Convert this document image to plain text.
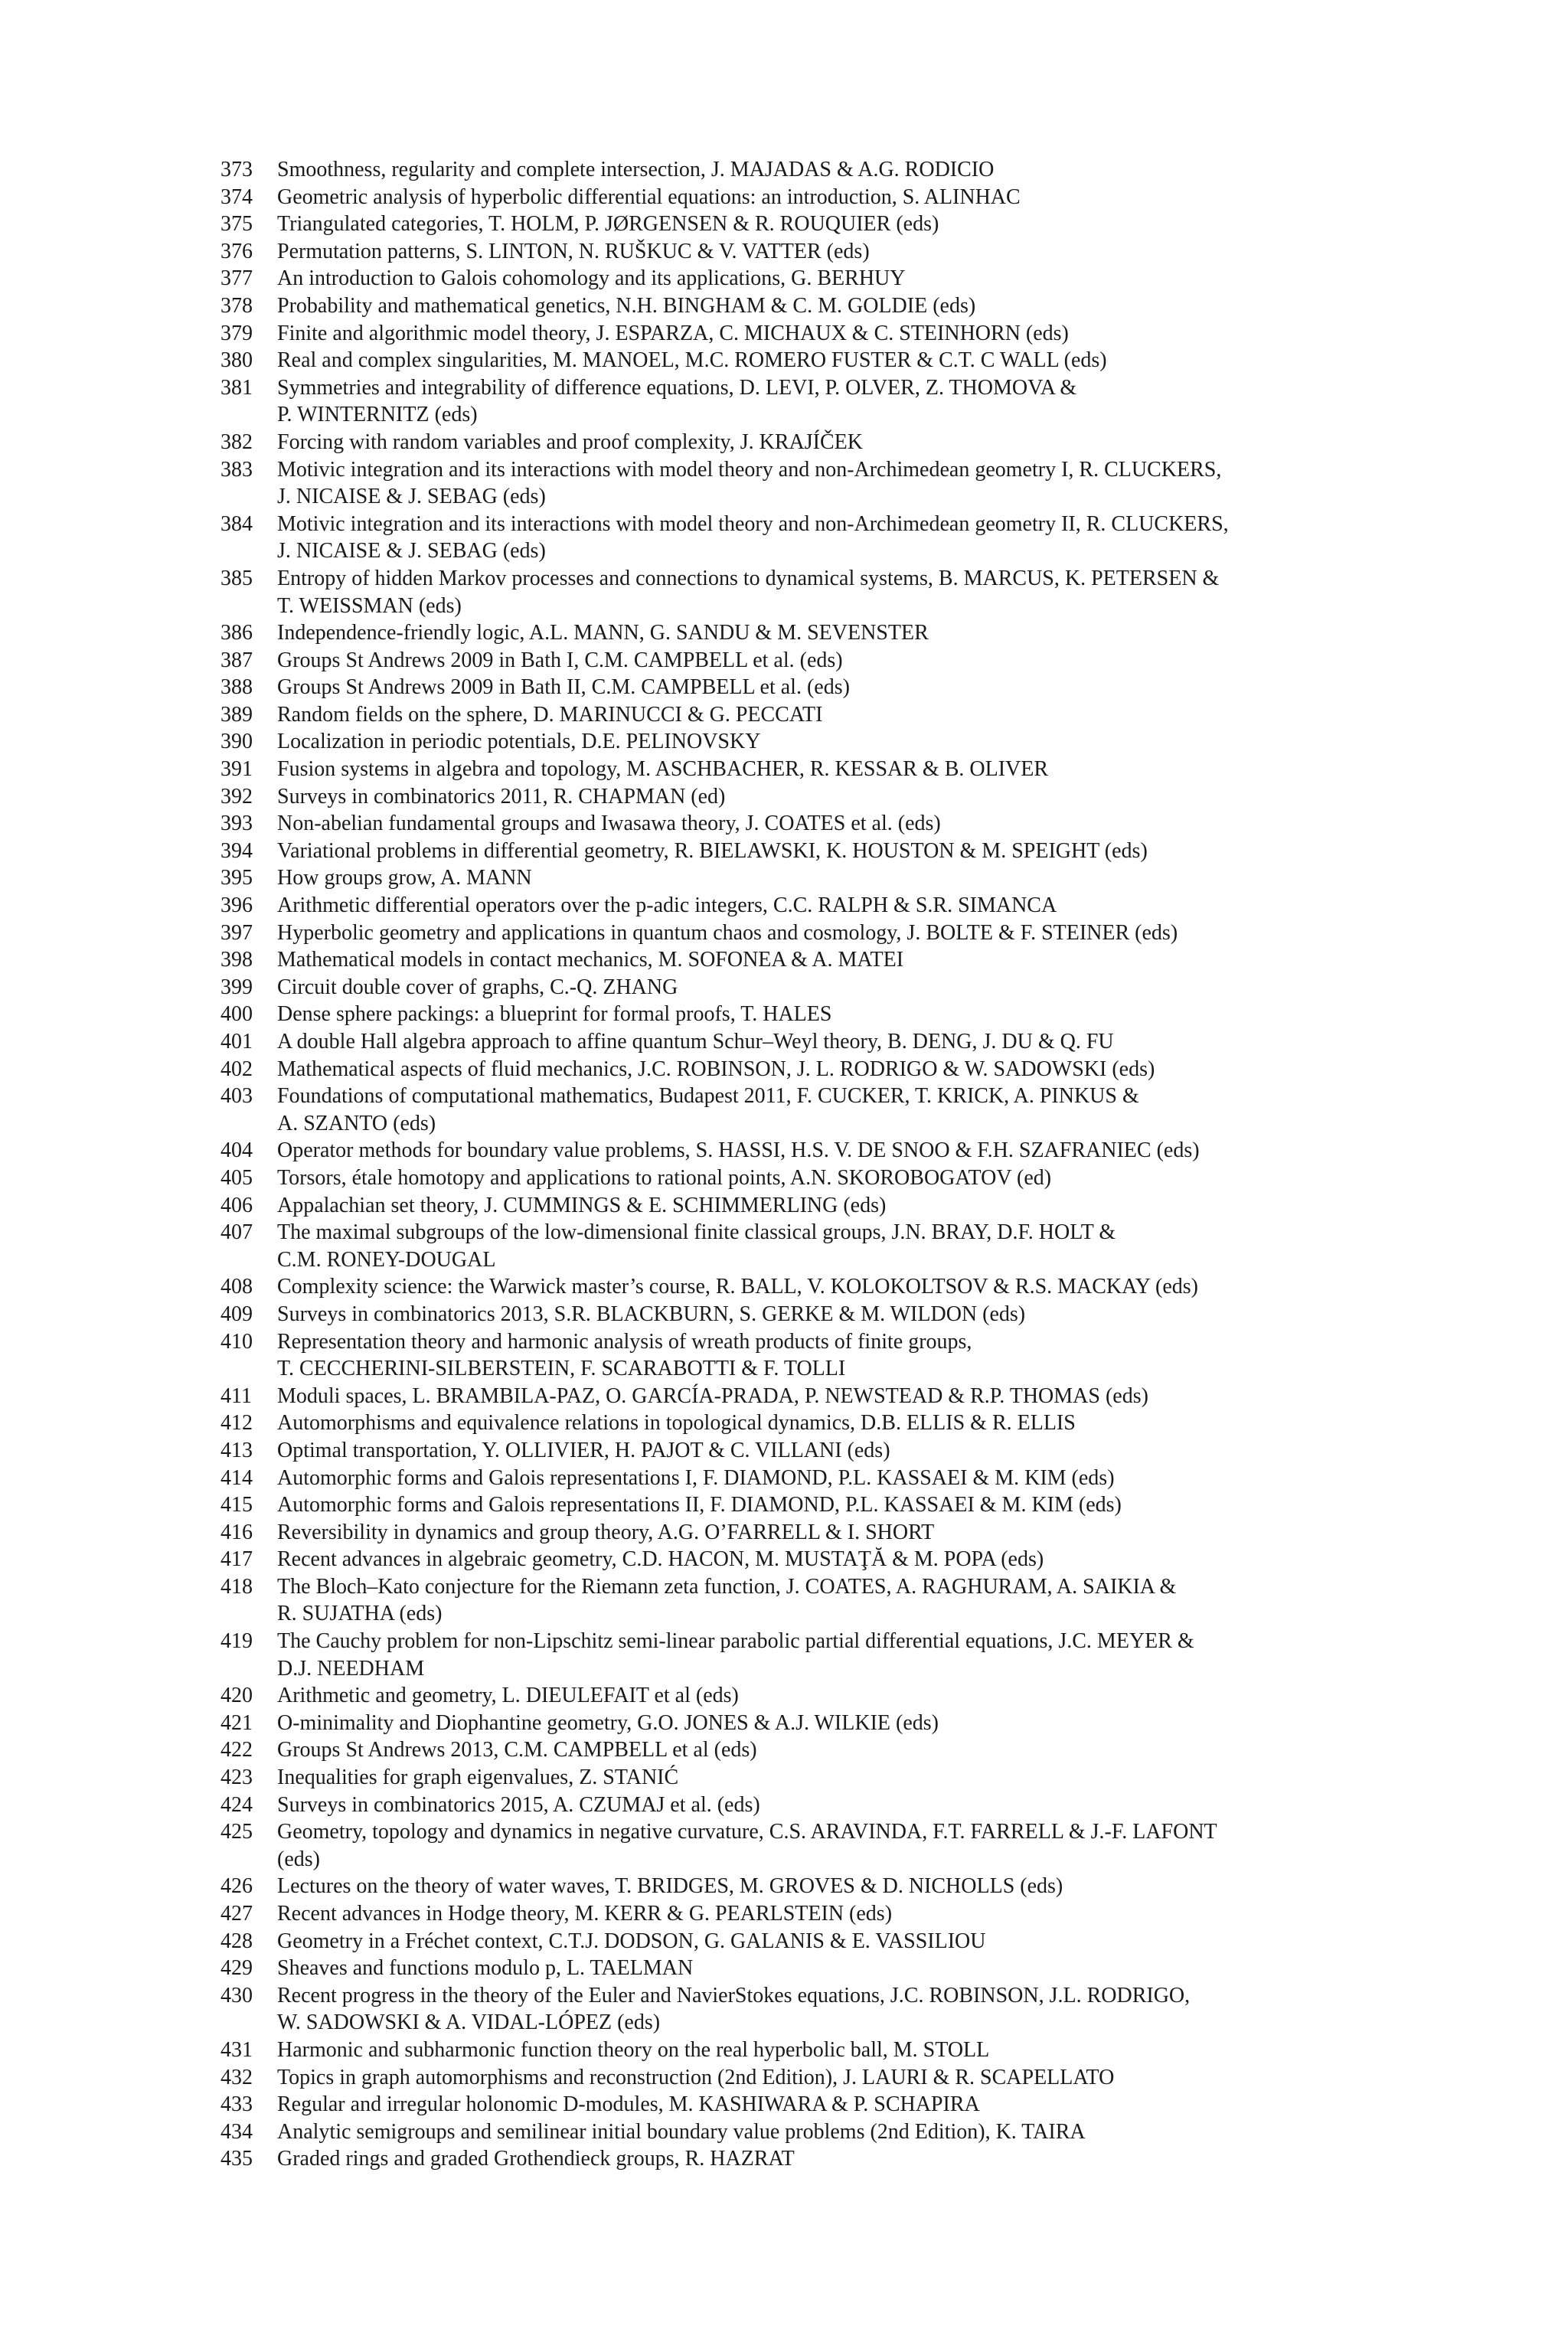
373	Smoothness, regularity and complete intersection, J. MAJADAS & A.G. RODICIO
374	Geometric analysis of hyperbolic differential equations: an introduction, S. ALINHAC
375	Triangulated categories, T. HOLM, P. JØRGENSEN & R. ROUQUIER (eds)
376	Permutation patterns, S. LINTON, N. RUŠKUC & V. VATTER (eds)
377	An introduction to Galois cohomology and its applications, G. BERHUY
378	Probability and mathematical genetics, N.H. BINGHAM & C. M. GOLDIE (eds)
379	Finite and algorithmic model theory, J. ESPARZA, C. MICHAUX & C. STEINHORN (eds)
380	Real and complex singularities, M. MANOEL, M.C. ROMERO FUSTER & C.T. C WALL (eds)
381	Symmetries and integrability of difference equations, D. LEVI, P. OLVER, Z. THOMOVA &
P. WINTERNITZ (eds)
382	Forcing with random variables and proof complexity, J. KRAJÍČEK
383	Motivic integration and its interactions with model theory and non-Archimedean geometry I, R. CLUCKERS,
J. NICAISE & J. SEBAG (eds)
384	Motivic integration and its interactions with model theory and non-Archimedean geometry II, R. CLUCKERS,
J. NICAISE & J. SEBAG (eds)
385	Entropy of hidden Markov processes and connections to dynamical systems, B. MARCUS, K. PETERSEN &
T. WEISSMAN (eds)
386	Independence-friendly logic, A.L. MANN, G. SANDU & M. SEVENSTER
387	Groups St Andrews 2009 in Bath I, C.M. CAMPBELL et al. (eds)
388	Groups St Andrews 2009 in Bath II, C.M. CAMPBELL et al. (eds)
389	Random fields on the sphere, D. MARINUCCI & G. PECCATI
390	Localization in periodic potentials, D.E. PELINOVSKY
391	Fusion systems in algebra and topology, M. ASCHBACHER, R. KESSAR & B. OLIVER
392	Surveys in combinatorics 2011, R. CHAPMAN (ed)
393	Non-abelian fundamental groups and Iwasawa theory, J. COATES et al. (eds)
394	Variational problems in differential geometry, R. BIELAWSKI, K. HOUSTON & M. SPEIGHT (eds)
395	How groups grow, A. MANN
396	Arithmetic differential operators over the p-adic integers, C.C. RALPH & S.R. SIMANCA
397	Hyperbolic geometry and applications in quantum chaos and cosmology, J. BOLTE & F. STEINER (eds)
398	Mathematical models in contact mechanics, M. SOFONEA & A. MATEI
399	Circuit double cover of graphs, C.-Q. ZHANG
400	Dense sphere packings: a blueprint for formal proofs, T. HALES
401	A double Hall algebra approach to affine quantum Schur–Weyl theory, B. DENG, J. DU & Q. FU
402	Mathematical aspects of fluid mechanics, J.C. ROBINSON, J. L. RODRIGO & W. SADOWSKI (eds)
403	Foundations of computational mathematics, Budapest 2011, F. CUCKER, T. KRICK, A. PINKUS &
A. SZANTO (eds)
404	Operator methods for boundary value problems, S. HASSI, H.S. V. DE SNOO & F.H. SZAFRANIEC (eds)
405	Torsors, étale homotopy and applications to rational points, A.N. SKOROBOGATOV (ed)
406	Appalachian set theory, J. CUMMINGS & E. SCHIMMERLING (eds)
407	The maximal subgroups of the low-dimensional finite classical groups, J.N. BRAY, D.F. HOLT &
C.M. RONEY-DOUGAL
408	Complexity science: the Warwick master’s course, R. BALL, V. KOLOKOLTSOV & R.S. MACKAY (eds)
409	Surveys in combinatorics 2013, S.R. BLACKBURN, S. GERKE & M. WILDON (eds)
410	Representation theory and harmonic analysis of wreath products of finite groups,
T. CECCHERINI-SILBERSTEIN, F. SCARABOTTI & F. TOLLI
411	Moduli spaces, L. BRAMBILA-PAZ, O. GARCÍA-PRADA, P. NEWSTEAD & R.P. THOMAS (eds)
412	Automorphisms and equivalence relations in topological dynamics, D.B. ELLIS & R. ELLIS
413	Optimal transportation, Y. OLLIVIER, H. PAJOT & C. VILLANI (eds)
414	Automorphic forms and Galois representations I, F. DIAMOND, P.L. KASSAEI & M. KIM (eds)
415	Automorphic forms and Galois representations II, F. DIAMOND, P.L. KASSAEI & M. KIM (eds)
416	Reversibility in dynamics and group theory, A.G. O’FARRELL & I. SHORT
417	Recent advances in algebraic geometry, C.D. HACON, M. MUSTAŢĂ & M. POPA (eds)
418	The Bloch–Kato conjecture for the Riemann zeta function, J. COATES, A. RAGHURAM, A. SAIKIA &
R. SUJATHA (eds)
419	The Cauchy problem for non-Lipschitz semi-linear parabolic partial differential equations, J.C. MEYER &
D.J. NEEDHAM
420	Arithmetic and geometry, L. DIEULEFAIT et al (eds)
421	O-minimality and Diophantine geometry, G.O. JONES & A.J. WILKIE (eds)
422	Groups St Andrews 2013, C.M. CAMPBELL et al (eds)
423	Inequalities for graph eigenvalues, Z. STANIĆ
424	Surveys in combinatorics 2015, A. CZUMAJ et al. (eds)
425	Geometry, topology and dynamics in negative curvature, C.S. ARAVINDA, F.T. FARRELL & J.-F. LAFONT
(eds)
426	Lectures on the theory of water waves, T. BRIDGES, M. GROVES & D. NICHOLLS (eds)
427	Recent advances in Hodge theory, M. KERR & G. PEARLSTEIN (eds)
428	Geometry in a Fréchet context, C.T.J. DODSON, G. GALANIS & E. VASSILIOU
429	Sheaves and functions modulo p, L. TAELMAN
430	Recent progress in the theory of the Euler and NavierStokes equations, J.C. ROBINSON, J.L. RODRIGO,
W. SADOWSKI & A. VIDAL-LÓPEZ (eds)
431	Harmonic and subharmonic function theory on the real hyperbolic ball, M. STOLL
432	Topics in graph automorphisms and reconstruction (2nd Edition), J. LAURI & R. SCAPELLATO
433	Regular and irregular holonomic D-modules, M. KASHIWARA & P. SCHAPIRA
434	Analytic semigroups and semilinear initial boundary value problems (2nd Edition), K. TAIRA
435	Graded rings and graded Grothendieck groups, R. HAZRAT
